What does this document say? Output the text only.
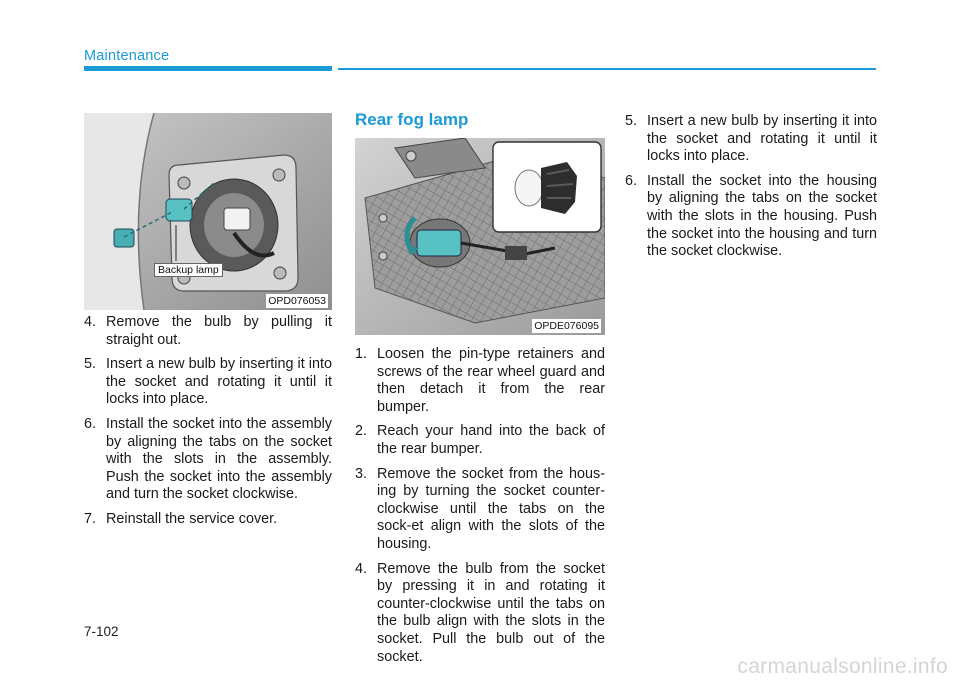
Maintenance
Backup lamp
OPD076053
4. Remove the bulb by pulling it straight out.
5. Insert a new bulb by inserting it into the socket and rotating it until it locks into place.
6. Install the socket into the assembly by aligning the tabs on the socket with the slots in the assembly. Push the socket into the assembly and turn the socket clockwise.
7. Reinstall the service cover.
Rear fog lamp
OPDE076095
1. Loosen the pin-type retainers and screws of the rear wheel guard and then detach it from the rear bumper.
2. Reach your hand into the back of the rear bumper.
3. Remove the socket from the hous-ing by turning the socket counter-clockwise until the tabs on the sock-et align with the slots of the housing.
4. Remove the bulb from the socket by pressing it in and rotating it counter-clockwise until the tabs on the bulb align with the slots in the socket. Pull the bulb out of the socket.
5. Insert a new bulb by inserting it into the socket and rotating it until it locks into place.
6. Install the socket into the housing by aligning the tabs on the socket with the slots in the housing. Push the socket into the housing and turn the socket clockwise.
7-102
carmanualsonline.info
